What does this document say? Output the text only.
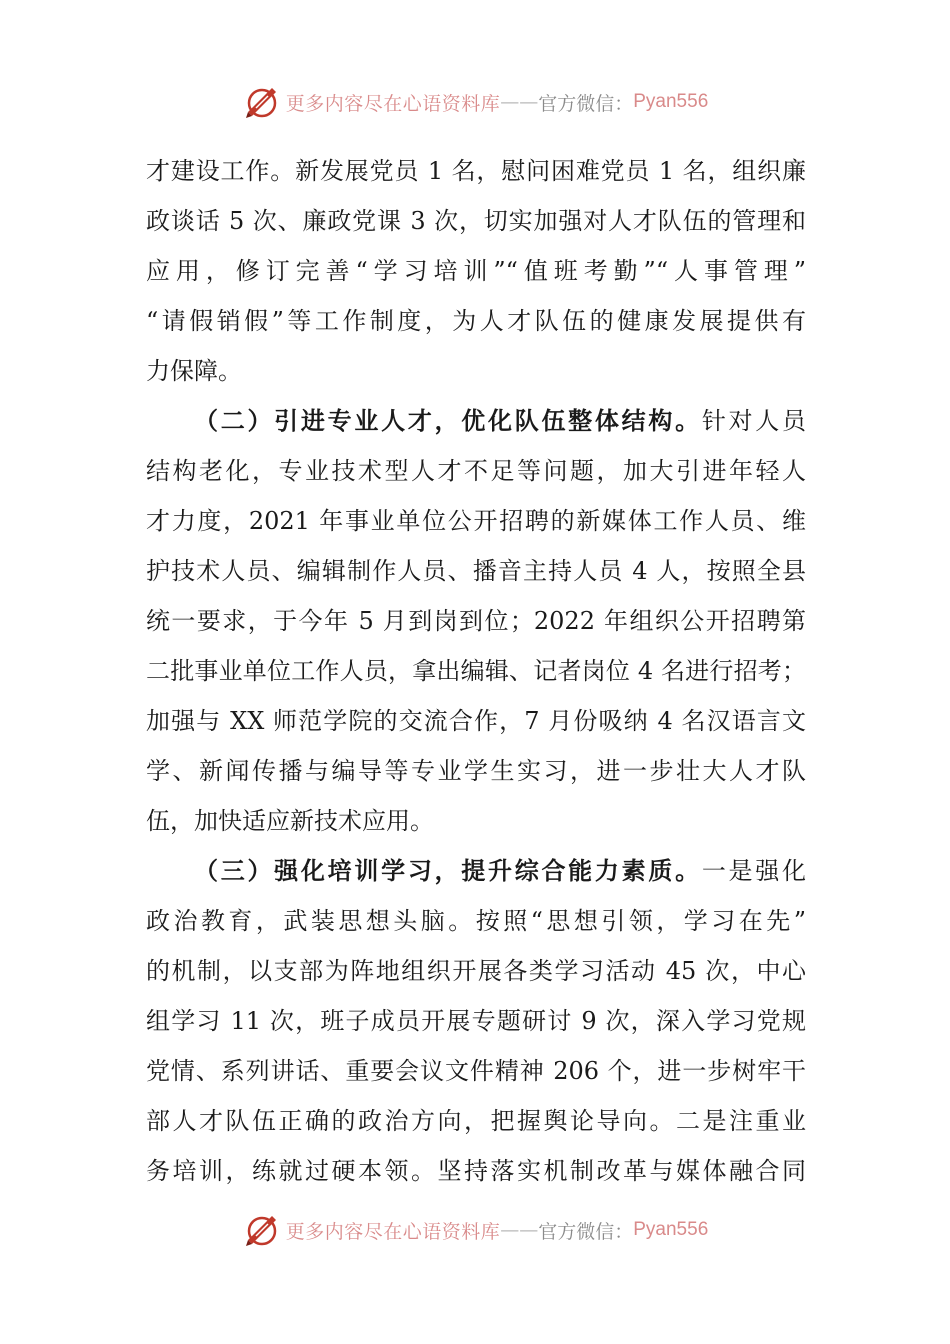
更多内容尽在心语资料库 —— 官方微信： Pyan556
才建设工作。新发展党员 1 名，慰问困难党员 1 名，组织廉
政谈话 5 次、廉政党课 3 次，切实加强对人才队伍的管理和
应用，修订完善“学习培训”“值班考勤”“人事管理”
“请假销假”等工作制度，为人才队伍的健康发展提供有
力保障。
（二）引进专业人才，优化队伍整体结构。针对人员
结构老化，专业技术型人才不足等问题，加大引进年轻人
才力度，2021 年事业单位公开招聘的新媒体工作人员、维
护技术人员、编辑制作人员、播音主持人员 4 人，按照全县
统一要求，于今年 5 月到岗到位；2022 年组织公开招聘第
二批事业单位工作人员，拿出编辑、记者岗位 4 名进行招考；
加强与 XX 师范学院的交流合作，7 月份吸纳 4 名汉语言文
学、新闻传播与编导等专业学生实习，进一步壮大人才队
伍，加快适应新技术应用。
（三）强化培训学习，提升综合能力素质。一是强化
政治教育，武装思想头脑。按照“思想引领，学习在先”
的机制，以支部为阵地组织开展各类学习活动 45 次，中心
组学习 11 次，班子成员开展专题研讨 9 次，深入学习党规
党情、系列讲话、重要会议文件精神 206 个，进一步树牢干
部人才队伍正确的政治方向，把握舆论导向。二是注重业
务培训，练就过硬本领。坚持落实机制改革与媒体融合同
更多内容尽在心语资料库 —— 官方微信： Pyan556
